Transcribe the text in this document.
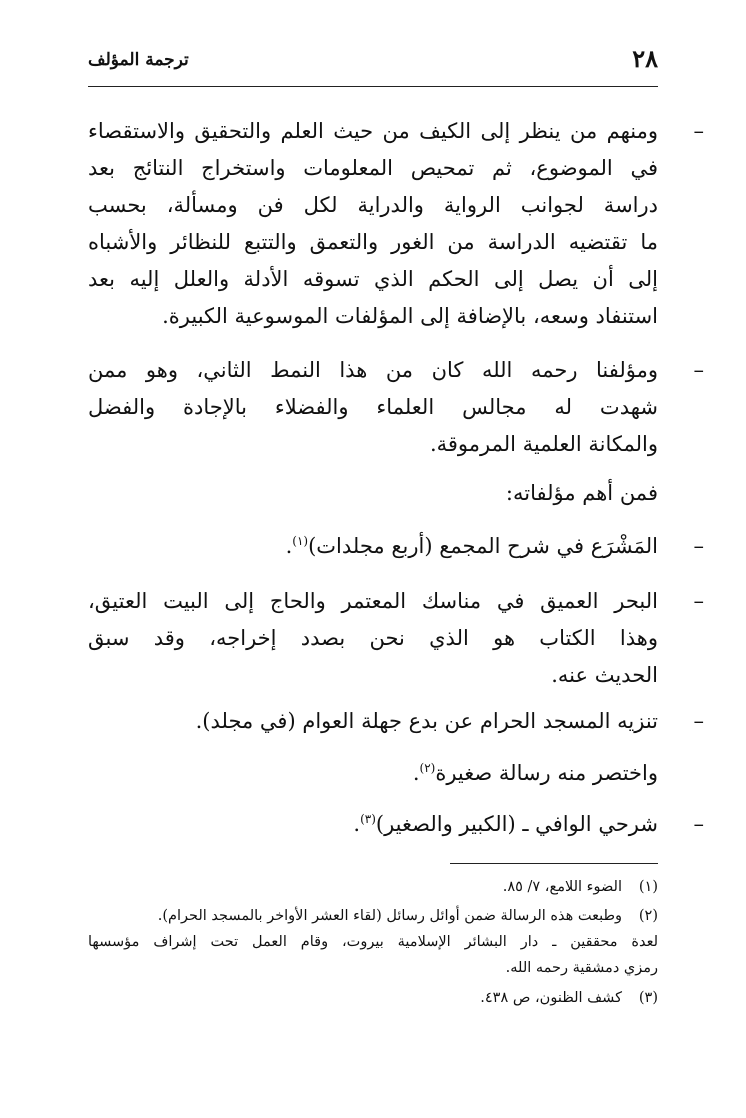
٢٨
ترجمة المؤلف
–
ومنهم من ينظر إلى الكيف من حيث العلم والتحقيق والاستقصاء
في الموضوع، ثم تمحيص المعلومات واستخراج النتائج بعد
دراسة لجوانب الرواية والدراية لكل فن ومسألة، بحسب
ما تقتضيه الدراسة من الغور والتعمق والتتبع للنظائر والأشباه
إلى أن يصل إلى الحكم الذي تسوقه الأدلة والعلل إليه بعد
استنفاد وسعه، بالإضافة إلى المؤلفات الموسوعية الكبيرة.
–
ومؤلفنا رحمه الله كان من هذا النمط الثاني، وهو ممن
شهدت له مجالس العلماء والفضلاء بالإجادة والفضل
والمكانة العلمية المرموقة.
فمن أهم مؤلفاته:
–
المَشْرَع في شرح المجمع (أربع مجلدات)$^{(١)}$.
–
البحر العميق في مناسك المعتمر والحاج إلى البيت العتيق،
وهذا الكتاب هو الذي نحن بصدد إخراجه، وقد سبق
الحديث عنه.
–
تنزيه المسجد الحرام عن بدع جهلة العوام (في مجلد).
واختصر منه رسالة صغيرة$^{(٢)}$.
–
شرحي الوافي ـ (الكبير والصغير)$^{(٣)}$.
(١)
الضوء اللامع، ٧/ ٨٥.
(٢)
وطبعت هذه الرسالة ضمن أوائل رسائل (لقاء العشر الأواخر بالمسجد الحرام).
لعدة محققين ـ دار البشائر الإسلامية بيروت، وقام العمل تحت إشراف مؤسسها
رمزي دمشقية رحمه الله.
(٣)
كشف الظنون، ص ٤٣٨.
